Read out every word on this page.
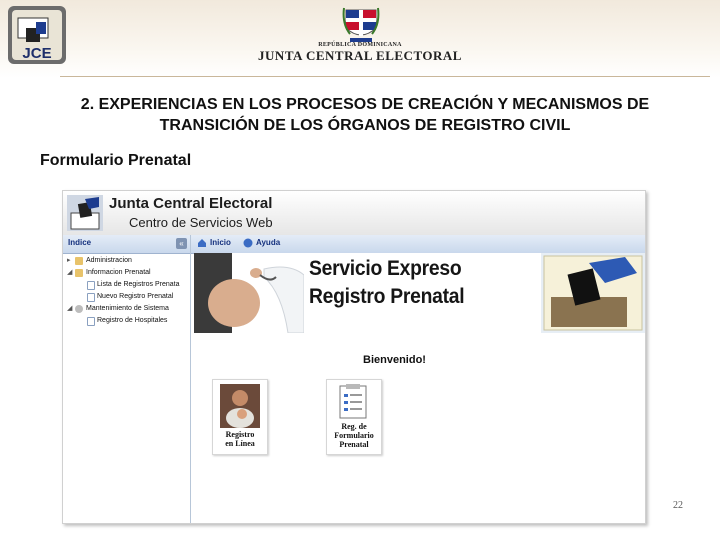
JCE	REPÚBLICA DOMINICANA
JUNTA CENTRAL ELECTORAL
2. EXPERIENCIAS EN LOS PROCESOS DE CREACIÓN Y MECANISMOS DE
TRANSICIÓN DE LOS ÓRGANOS DE REGISTRO CIVIL
Formulario Prenatal
Junta Central Electoral
Centro de Servicios Web
Indice	«
▸ Administracion
◢ Informacion Prenatal
Lista de Registros Prenata
Nuevo Registro Prenatal
◢ Mantenimiento de Sistema
Registro de Hospitales
Inicio	Ayuda
Servicio Expreso
Registro Prenatal
Bienvenido!
Registro
en Línea
Reg. de
Formulario
Prenatal
22
